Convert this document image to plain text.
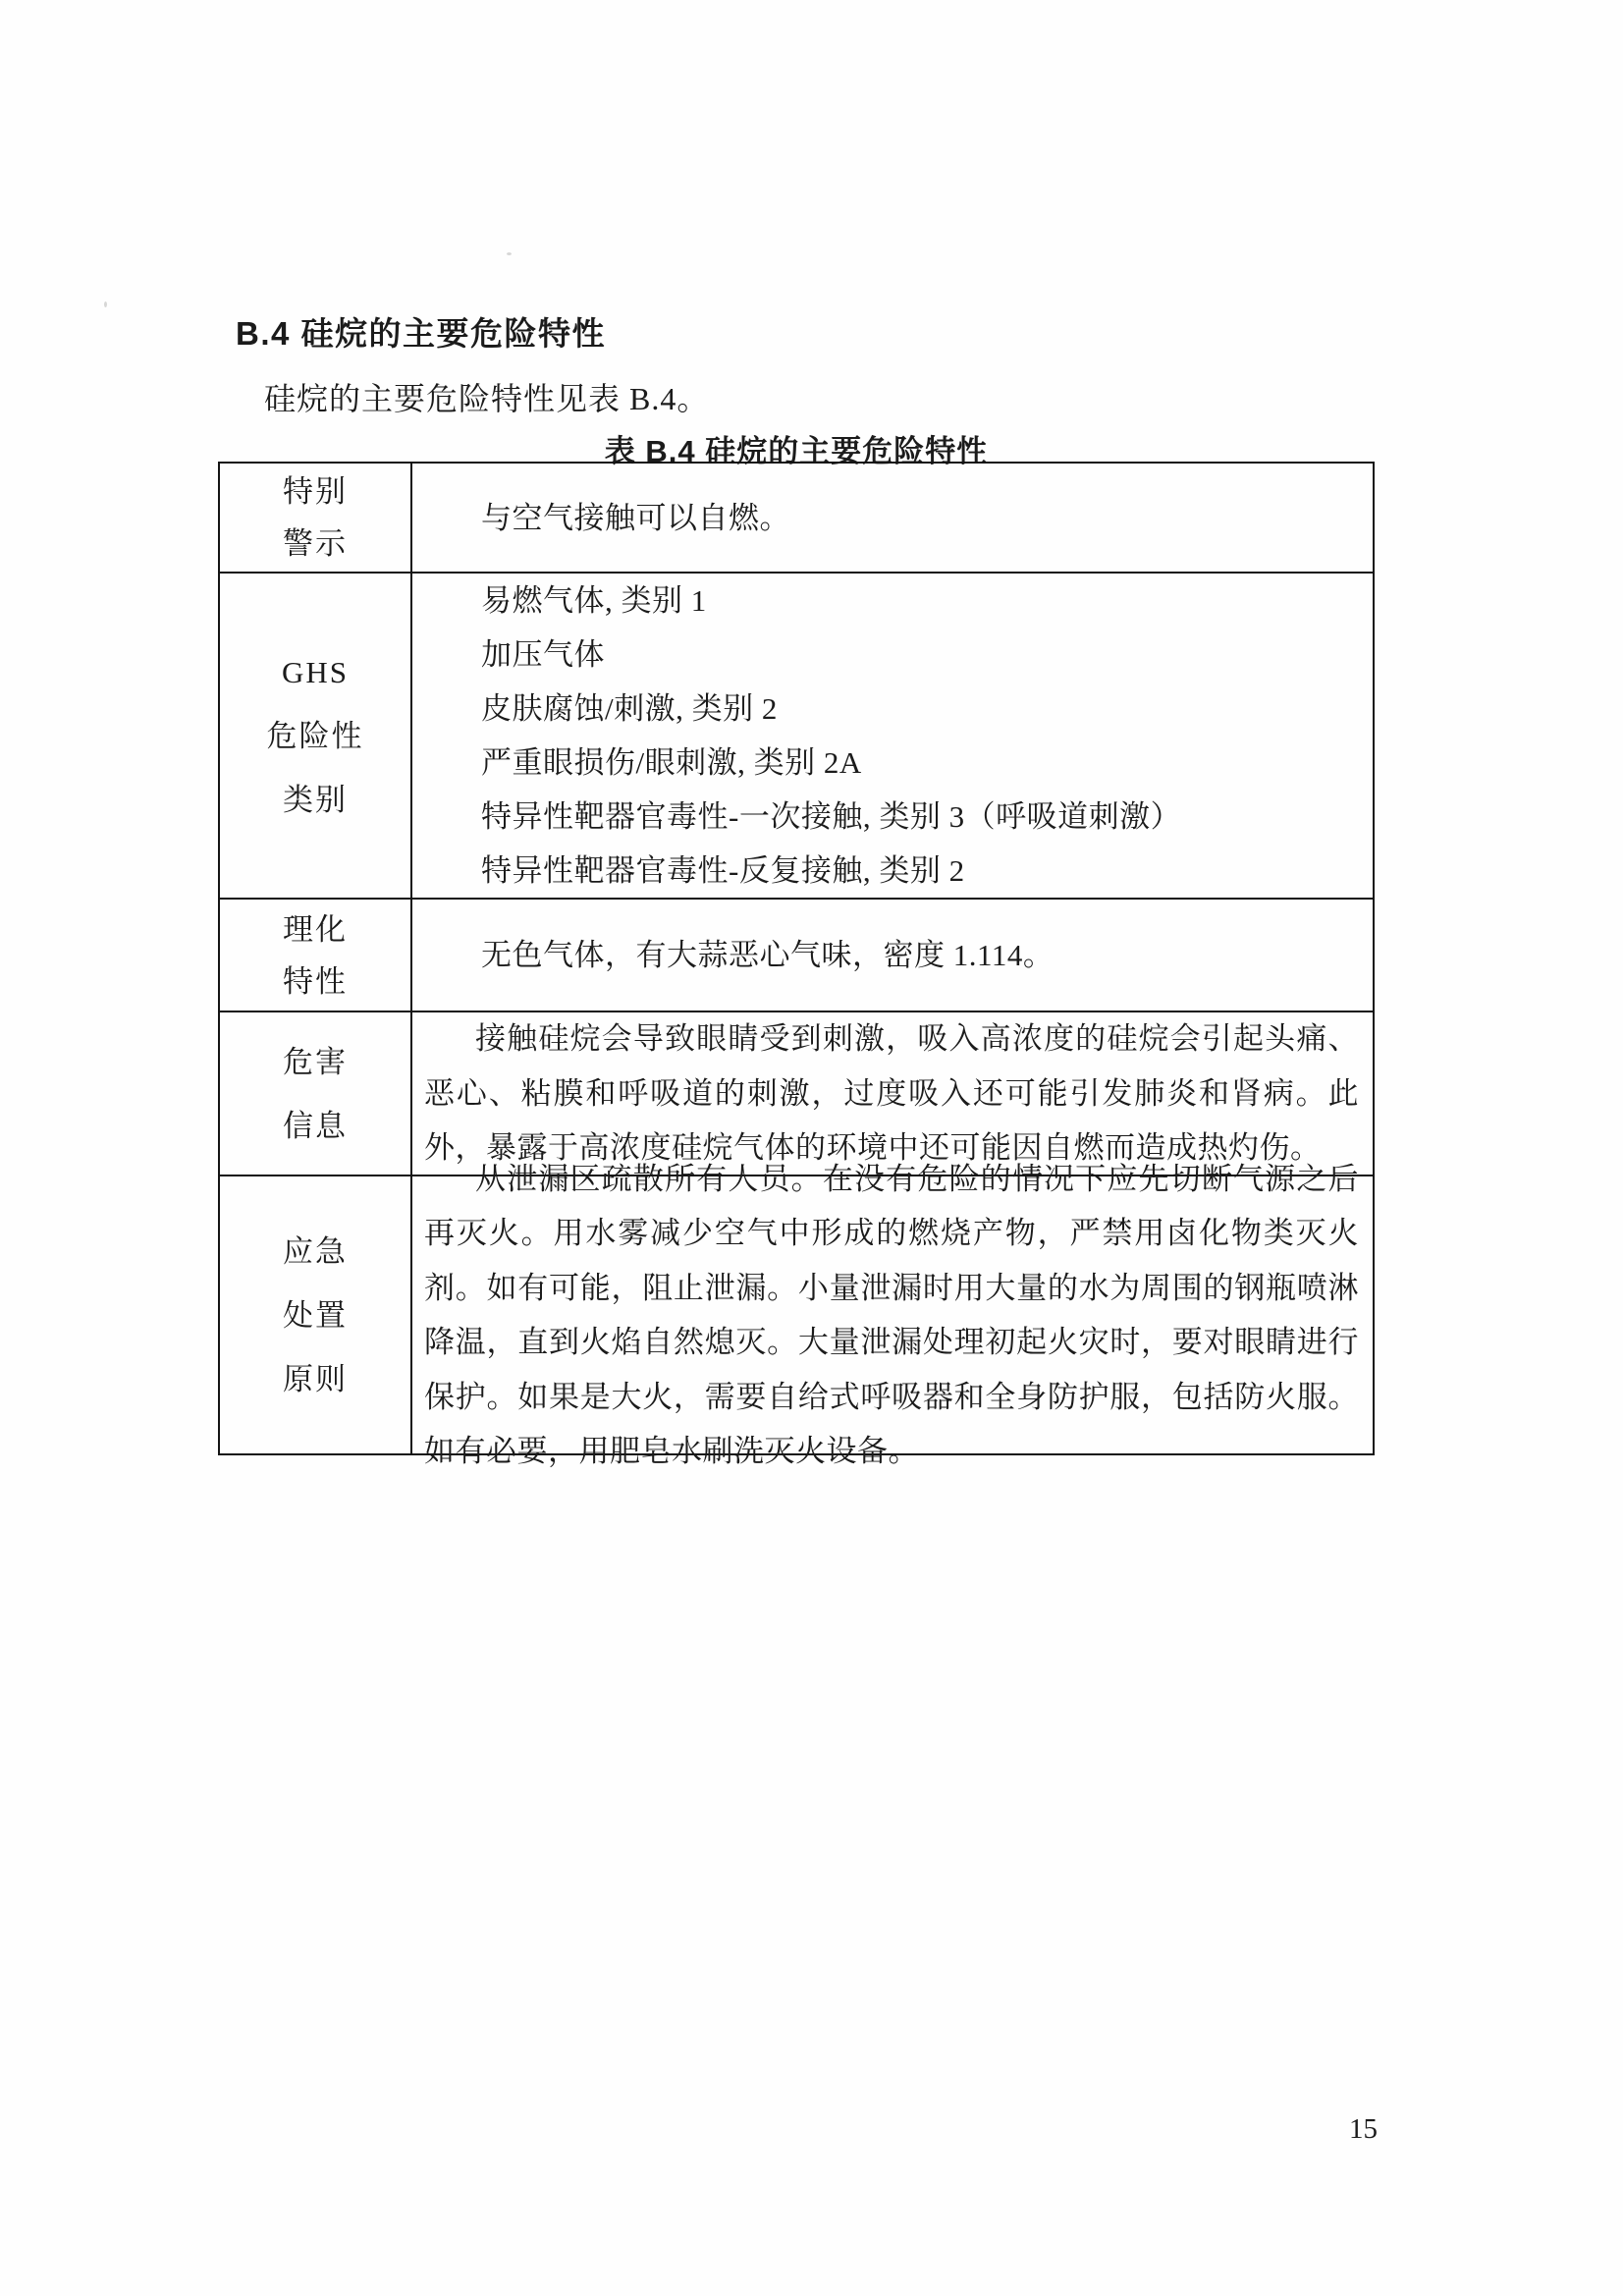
B.4 硅烷的主要危险特性
硅烷的主要危险特性见表 B.4。
表 B.4 硅烷的主要危险特性
特别
警示
与空气接触可以自燃。
GHS
危险性
类别
易燃气体, 类别 1
加压气体
皮肤腐蚀/刺激, 类别 2
严重眼损伤/眼刺激, 类别 2A
特异性靶器官毒性-一次接触, 类别 3（呼吸道刺激）
特异性靶器官毒性-反复接触, 类别 2
理化
特性
无色气体，有大蒜恶心气味，密度 1.114。
危害
信息
接触硅烷会导致眼睛受到刺激，吸入高浓度的硅烷会引起头痛、恶心、粘膜和呼吸道的刺激，过度吸入还可能引发肺炎和肾病。此外，暴露于高浓度硅烷气体的环境中还可能因自燃而造成热灼伤。
应急
处置
原则
从泄漏区疏散所有人员。在没有危险的情况下应先切断气源之后再灭火。用水雾减少空气中形成的燃烧产物，严禁用卤化物类灭火剂。如有可能，阻止泄漏。小量泄漏时用大量的水为周围的钢瓶喷淋降温，直到火焰自然熄灭。大量泄漏处理初起火灾时，要对眼睛进行保护。如果是大火，需要自给式呼吸器和全身防护服，包括防火服。如有必要，用肥皂水刷洗灭火设备。
15
